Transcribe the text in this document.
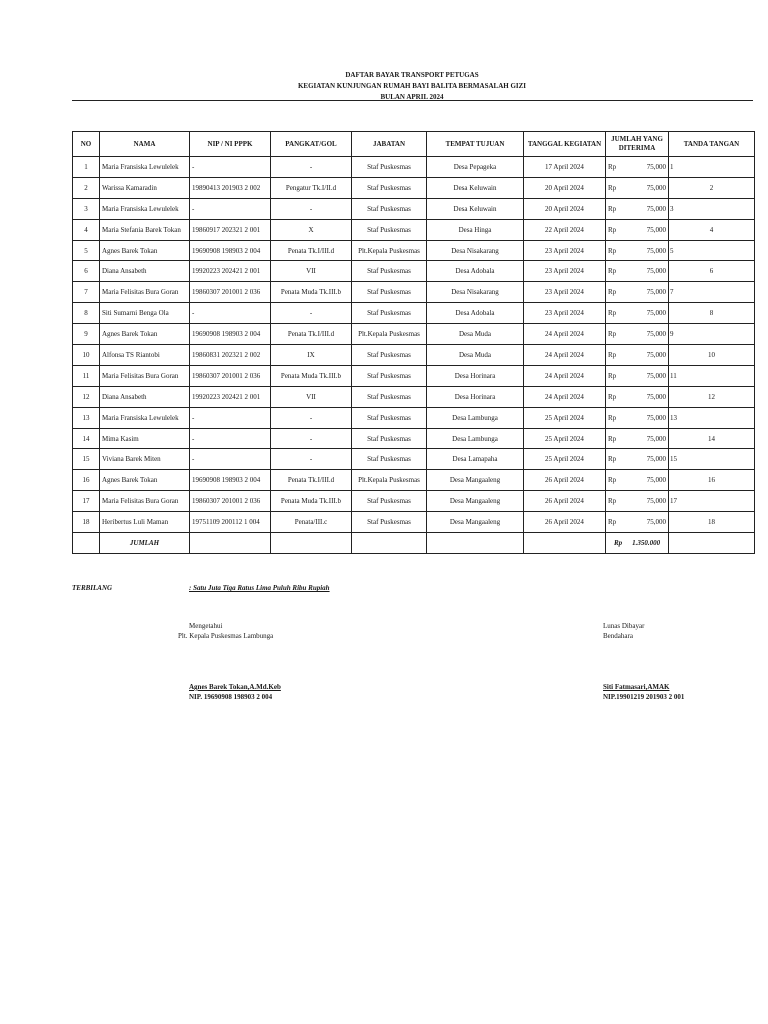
DAFTAR BAYAR TRANSPORT PETUGAS
KEGIATAN KUNJUNGAN RUMAH BAYI BALITA BERMASALAH GIZI
BULAN APRIL 2024
NO	NAMA	NIP / NI PPPK	PANGKAT/GOL	JABATAN	TEMPAT TUJUAN	TANGGAL KEGIATAN	JUMLAH YANG DITERIMA	TANDA TANGAN
1	Maria Fransiska Lewulelek	-	-	Staf Puskesmas	Desa Pepageka	17 April 2024	Rp 75,000	1
2	Warissa Kamaradin	19890413 201903 2 002	Pengatur Tk.I/II.d	Staf Puskesmas	Desa Keluwain	20 April 2024	Rp 75,000	2
3	Maria Fransiska Lewulelek	-	-	Staf Puskesmas	Desa Keluwain	20 April 2024	Rp 75,000	3
4	Maria Stefania Barek Tokan	19860917 202321 2 001	X	Staf Puskesmas	Desa Hinga	22 April 2024	Rp 75,000	4
5	Agnes Barek Tokan	19690908 198903 2 004	Penata Tk.I/III.d	Plt.Kepala Puskesmas	Desa Nisakarang	23 April 2024	Rp 75,000	5
6	Diana Ansabeth	19920223 202421 2 001	VII	Staf Puskesmas	Desa Adobala	23 April 2024	Rp 75,000	6
7	Maria Felisitas Bura Goran	19860307 201001 2 036	Penata Muda Tk.III.b	Staf Puskesmas	Desa Nisakarang	23 April 2024	Rp 75,000	7
8	Siti Sumarni Benga Ola	-	-	Staf Puskesmas	Desa Adobala	23 April 2024	Rp 75,000	8
9	Agnes Barek Tokan	19690908 198903 2 004	Penata Tk.I/III.d	Plt.Kepala Puskesmas	Desa Muda	24 April 2024	Rp 75,000	9
10	Alfonsa TS Riantobi	19860831 202321 2 002	IX	Staf Puskesmas	Desa Muda	24 April 2024	Rp 75,000	10
11	Maria Felisitas Bura Goran	19860307 201001 2 036	Penata Muda Tk.III.b	Staf Puskesmas	Desa Horinara	24 April 2024	Rp 75,000	11
12	Diana Ansabeth	19920223 202421 2 001	VII	Staf Puskesmas	Desa Horinara	24 April 2024	Rp 75,000	12
13	Maria Fransiska Lewulelek	-	-	Staf Puskesmas	Desa Lambunga	25 April 2024	Rp 75,000	13
14	Mima Kasim	-	-	Staf Puskesmas	Desa Lambunga	25 April 2024	Rp 75,000	14
15	Viviana Barek Miten	-	-	Staf Puskesmas	Desa Lamapaha	25 April 2024	Rp 75,000	15
16	Agnes Barek Tokan	19690908 198903 2 004	Penata Tk.I/III.d	Plt.Kepala Puskesmas	Desa Mangaaleng	26 April 2024	Rp 75,000	16
17	Maria Felisitas Bura Goran	19860307 201001 2 036	Penata Muda Tk.III.b	Staf Puskesmas	Desa Mangaaleng	26 April 2024	Rp 75,000	17
18	Heribertus Luli Maman	19751109 200112 1 004	Penata/III.c	Staf Puskesmas	Desa Mangaaleng	26 April 2024	Rp 75,000	18
	JUMLAH						Rp 1.350.000	
TERBILANG	: Satu Juta Tiga Ratus Lima Puluh Ribu Rupiah
Mengetahui
Plt. Kepala Puskesmas Lambunga
Agnes Barek Tokan,A.Md.Keb
NIP. 19690908 198903 2 004
Lunas Dibayar
Bendahara
Siti Fatmasari,AMAK
NIP.19901219 201903 2 001
